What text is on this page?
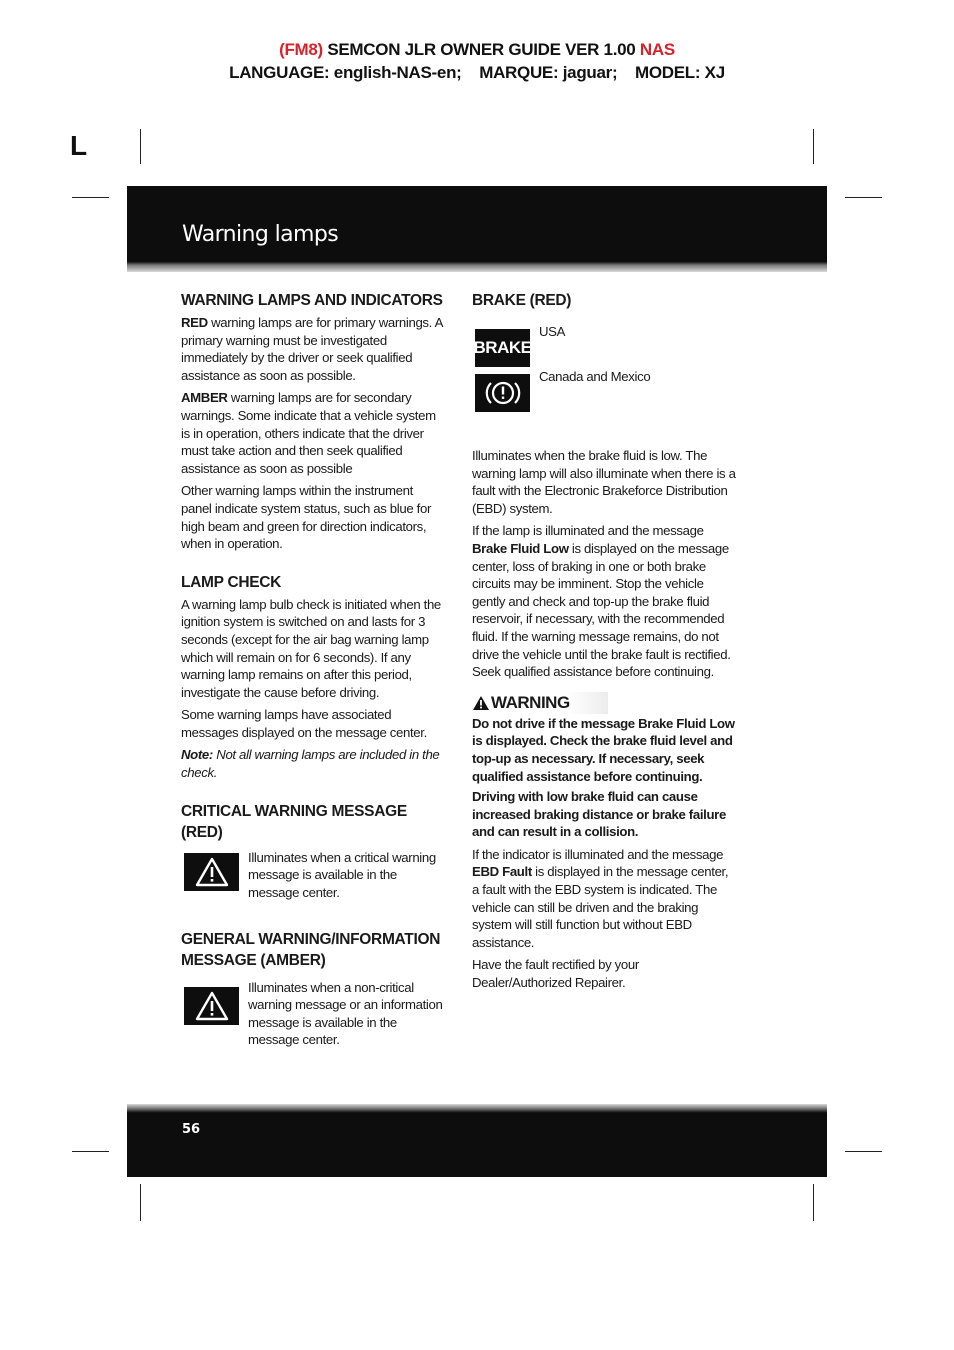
(FM8) SEMCON JLR OWNER GUIDE VER 1.00 NAS
LANGUAGE: english-NAS-en;    MARQUE: jaguar;    MODEL: XJ
L
Warning lamps
WARNING LAMPS AND INDICATORS
RED warning lamps are for primary warnings. A primary warning must be investigated immediately by the driver or seek qualified assistance as soon as possible.
AMBER warning lamps are for secondary warnings. Some indicate that a vehicle system is in operation, others indicate that the driver must take action and then seek qualified assistance as soon as possible
Other warning lamps within the instrument panel indicate system status, such as blue for high beam and green for direction indicators, when in operation.
LAMP CHECK
A warning lamp bulb check is initiated when the ignition system is switched on and lasts for 3 seconds (except for the air bag warning lamp which will remain on for 6 seconds). If any warning lamp remains on after this period, investigate the cause before driving.
Some warning lamps have associated messages displayed on the message center.
Note: Not all warning lamps are included in the check.
CRITICAL WARNING MESSAGE (RED)
Illuminates when a critical warning message is available in the message center.
GENERAL WARNING/INFORMATION MESSAGE (AMBER)
Illuminates when a non-critical warning message or an information message is available in the message center.
BRAKE (RED)
BRAKE
USA
Canada and Mexico
Illuminates when the brake fluid is low. The warning lamp will also illuminate when there is a fault with the Electronic Brakeforce Distribution (EBD) system.
If the lamp is illuminated and the message Brake Fluid Low is displayed on the message center, loss of braking in one or both brake circuits may be imminent. Stop the vehicle gently and check and top-up the brake fluid reservoir, if necessary, with the recommended fluid. If the warning message remains, do not drive the vehicle until the brake fault is rectified. Seek qualified assistance before continuing.
WARNING
Do not drive if the message Brake Fluid Low is displayed. Check the brake fluid level and top-up as necessary. If necessary, seek qualified assistance before continuing.
Driving with low brake fluid can cause increased braking distance or brake failure and can result in a collision.
If the indicator is illuminated and the message EBD Fault is displayed in the message center, a fault with the EBD system is indicated. The vehicle can still be driven and the braking system will still function but without EBD assistance.
Have the fault rectified by your Dealer/Authorized Repairer.
56
